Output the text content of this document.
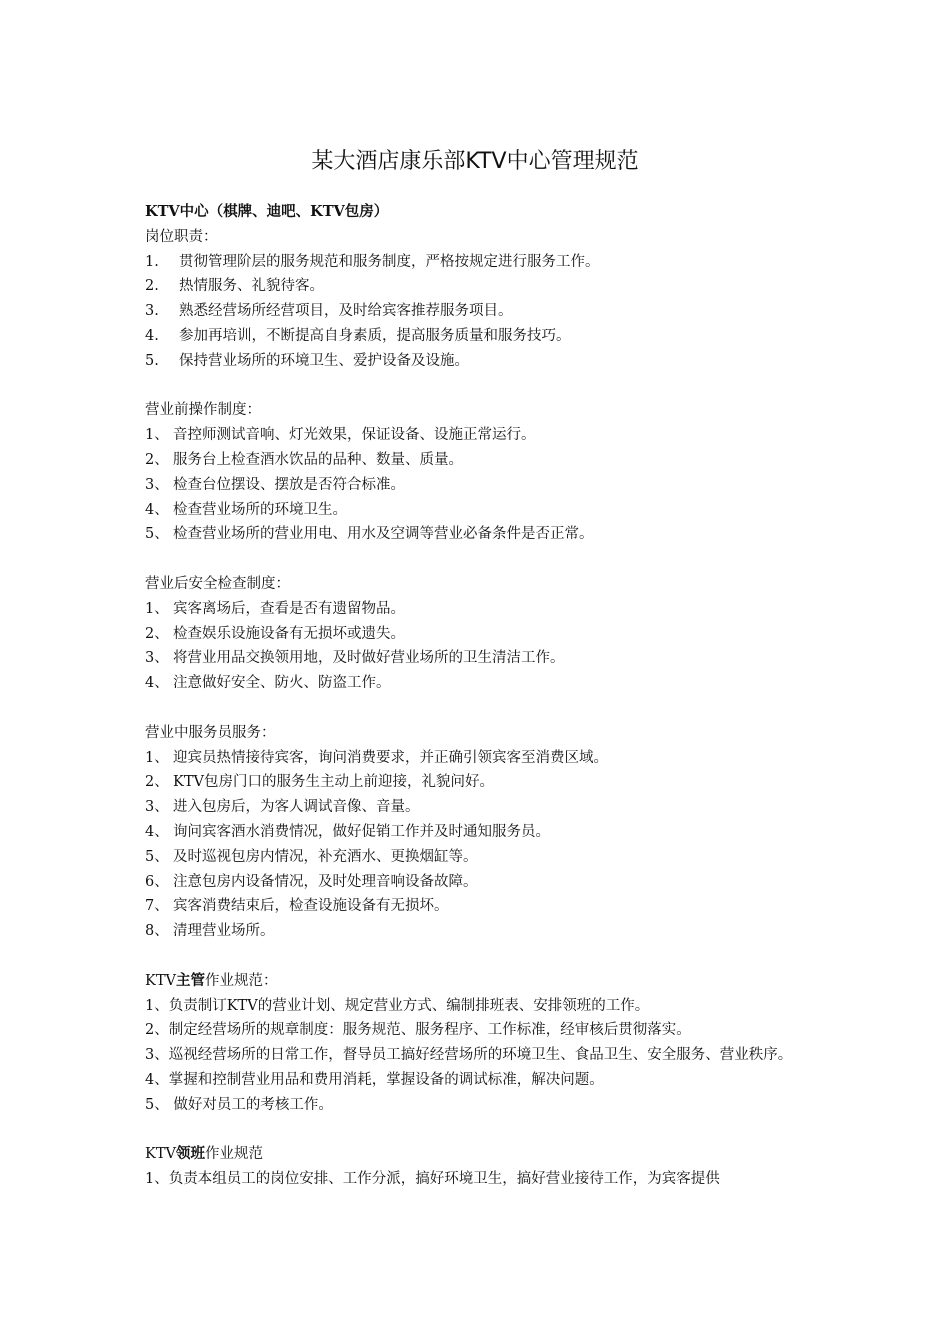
某大酒店康乐部KTV中心管理规范
KTV中心（棋牌、迪吧、KTV包房）
岗位职责：
1. 贯彻管理阶层的服务规范和服务制度，严格按规定进行服务工作。
2. 热情服务、礼貌待客。
3. 熟悉经营场所经营项目，及时给宾客推荐服务项目。
4. 参加再培训，不断提高自身素质，提高服务质量和服务技巧。
5. 保持营业场所的环境卫生、爱护设备及设施。
营业前操作制度：
1、 音控师测试音响、灯光效果，保证设备、设施正常运行。
2、 服务台上检查酒水饮品的品种、数量、质量。
3、 检查台位摆设、摆放是否符合标准。
4、 检查营业场所的环境卫生。
5、 检查营业场所的营业用电、用水及空调等营业必备条件是否正常。
营业后安全检查制度：
1、 宾客离场后，查看是否有遗留物品。
2、 检查娱乐设施设备有无损坏或遗失。
3、 将营业用品交换领用地，及时做好营业场所的卫生清洁工作。
4、 注意做好安全、防火、防盗工作。
营业中服务员服务：
1、 迎宾员热情接待宾客，询问消费要求，并正确引领宾客至消费区域。
2、 KTV包房门口的服务生主动上前迎接，礼貌问好。
3、 进入包房后，为客人调试音像、音量。
4、 询问宾客酒水消费情况，做好促销工作并及时通知服务员。
5、 及时巡视包房内情况，补充酒水、更换烟缸等。
6、 注意包房内设备情况，及时处理音响设备故障。
7、 宾客消费结束后，检查设施设备有无损坏。
8、 清理营业场所。
KTV主管作业规范：
1、负责制订KTV的营业计划、规定营业方式、编制排班表、安排领班的工作。
2、制定经营场所的规章制度：服务规范、服务程序、工作标准，经审核后贯彻落实。
3、巡视经营场所的日常工作，督导员工搞好经营场所的环境卫生、食品卫生、安全服务、营业秩序。
4、掌握和控制营业用品和费用消耗，掌握设备的调试标准，解决问题。
5、 做好对员工的考核工作。
KTV领班作业规范
1、负责本组员工的岗位安排、工作分派，搞好环境卫生，搞好营业接待工作，为宾客提供
